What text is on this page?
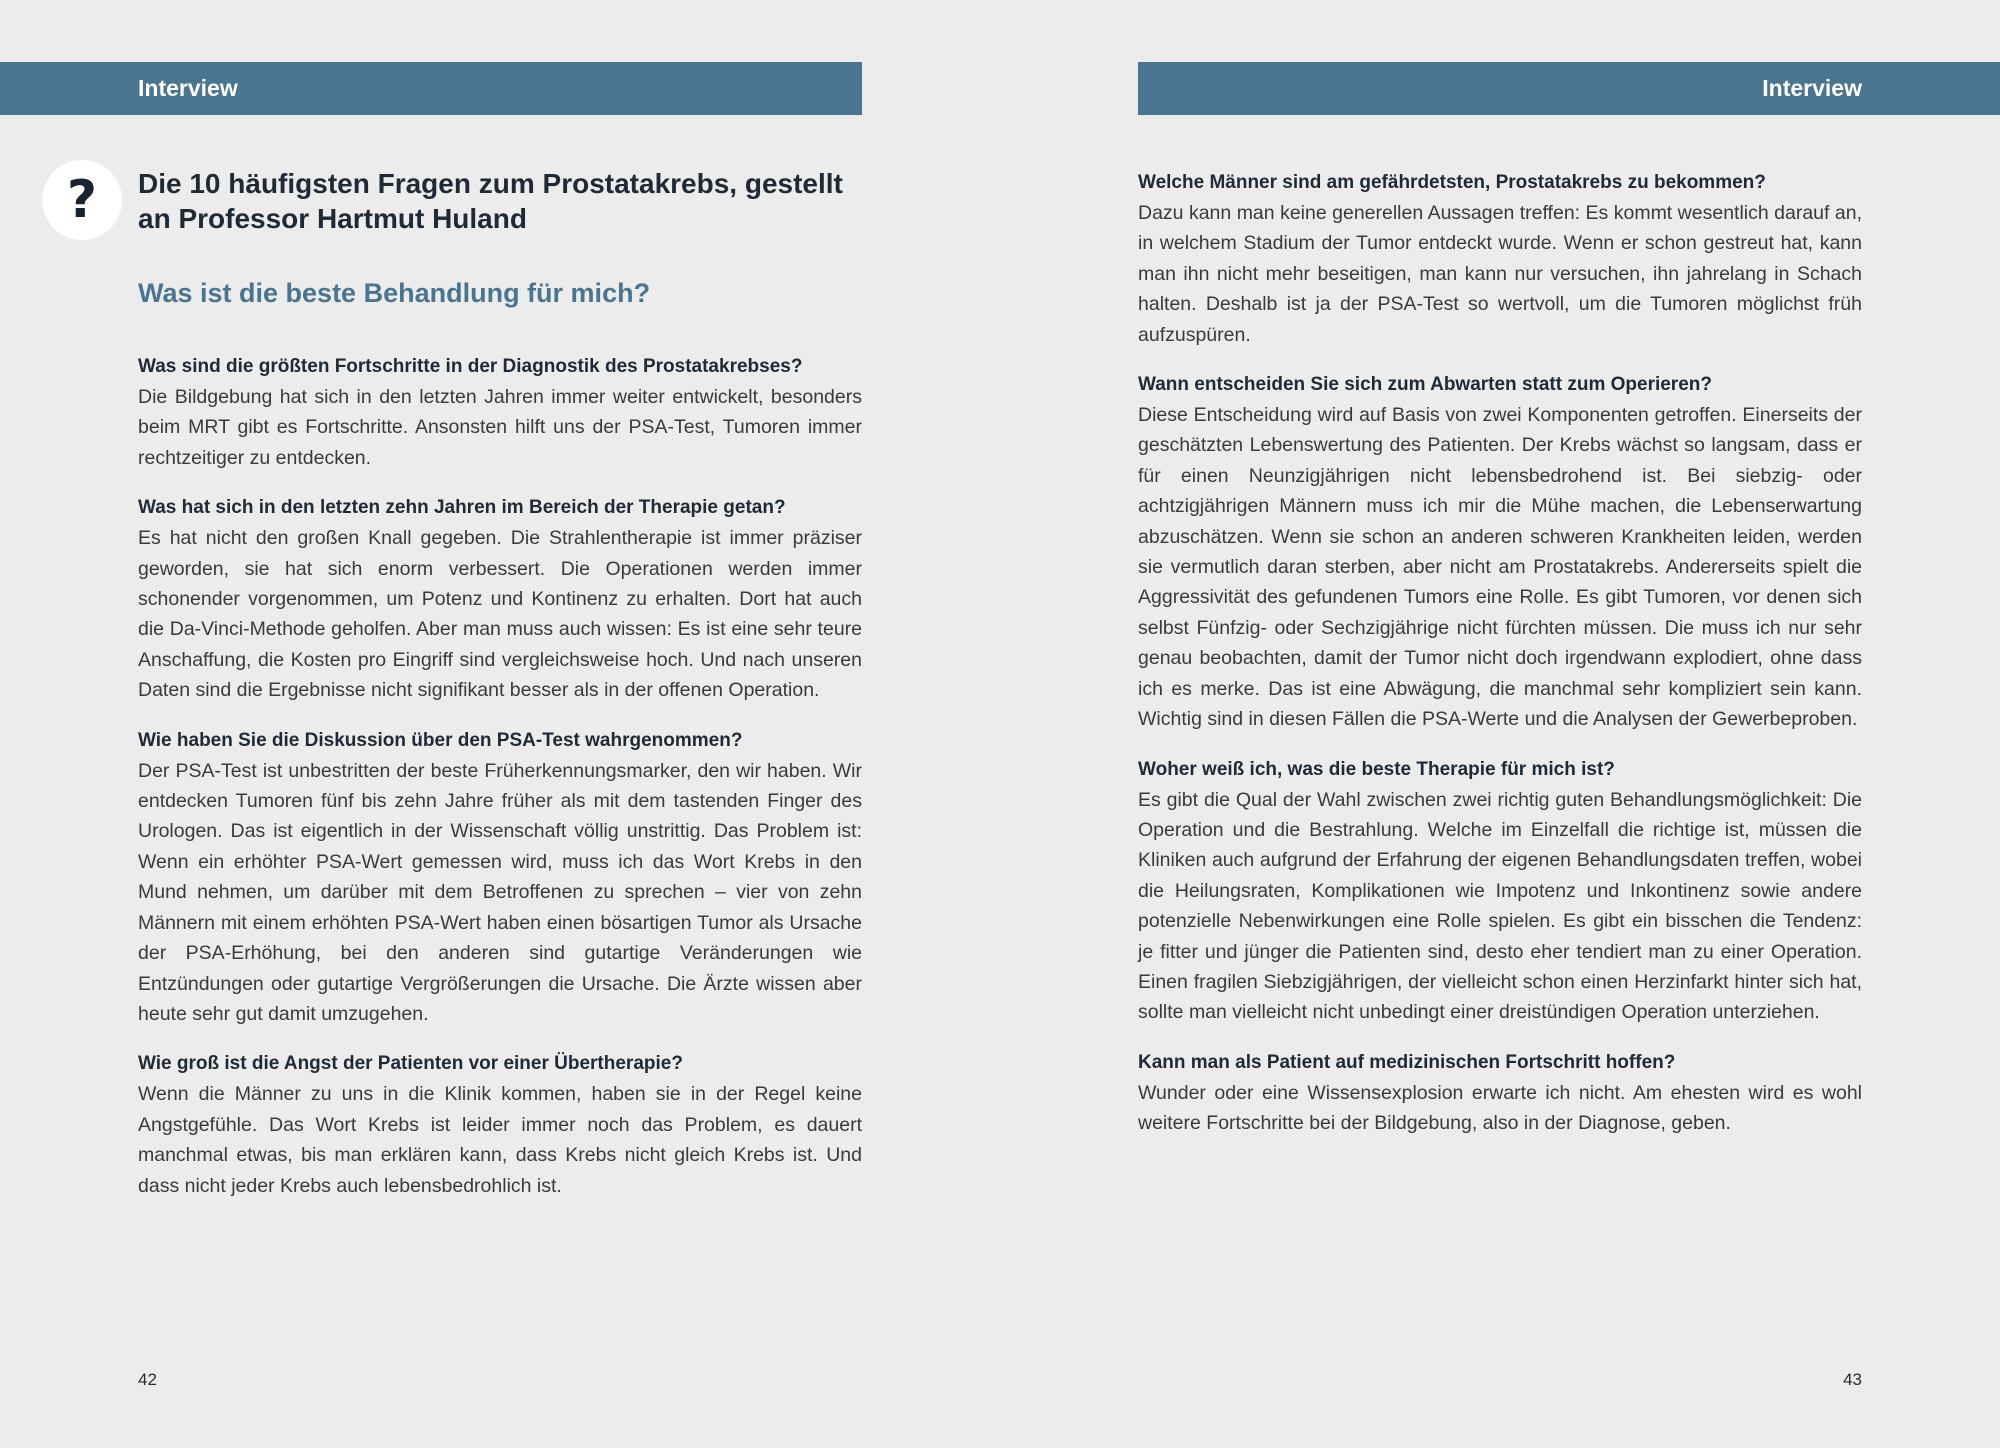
Interview
? Die 10 häufigsten Fragen zum Prostatakrebs, gestellt an Professor Hartmut Huland
Was ist die beste Behandlung für mich?

Was sind die größten Fortschritte in der Diagnostik des Prostatakrebses?

Die Bildgebung hat sich in den letzten Jahren immer weiter entwickelt, besonders beim MRT gibt es Fortschritte. Ansonsten hilft uns der PSA-Test, Tumoren immer rechtzeitiger zu entdecken.

Was hat sich in den letzten zehn Jahren im Bereich der Therapie getan?

Es hat nicht den großen Knall gegeben. Die Strahlentherapie ist immer präziser geworden, sie hat sich enorm verbessert. Die Operationen werden immer schonender vorgenommen, um Potenz und Kontinenz zu erhalten. Dort hat auch die Da-Vinci-Methode geholfen. Aber man muss auch wissen: Es ist eine sehr teure Anschaffung, die Kosten pro Eingriff sind vergleichsweise hoch. Und nach unseren Daten sind die Ergebnisse nicht signifikant besser als in der offenen Operation.

Wie haben Sie die Diskussion über den PSA-Test wahrgenommen?

Der PSA-Test ist unbestritten der beste Früherkennungsmarker, den wir haben. Wir entdecken Tumoren fünf bis zehn Jahre früher als mit dem tastenden Finger des Urologen. Das ist eigentlich in der Wissenschaft völlig unstrittig. Das Problem ist: Wenn ein erhöhter PSA-Wert gemessen wird, muss ich das Wort Krebs in den Mund nehmen, um darüber mit dem Betroffenen zu sprechen – vier von zehn Männern mit einem erhöhten PSA-Wert haben einen bösartigen Tumor als Ursache der PSA-Erhöhung, bei den anderen sind gutartige Veränderungen wie Entzündungen oder gutartige Vergrößerungen die Ursache. Die Ärzte wissen aber heute sehr gut damit umzugehen.

Wie groß ist die Angst der Patienten vor einer Übertherapie?

Wenn die Männer zu uns in die Klinik kommen, haben sie in der Regel keine Angstgefühle. Das Wort Krebs ist leider immer noch das Problem, es dauert manchmal etwas, bis man erklären kann, dass Krebs nicht gleich Krebs ist. Und dass nicht jeder Krebs auch lebensbedrohlich ist.

42
Interview

Welche Männer sind am gefährdetsten, Prostatakrebs zu bekommen?

Dazu kann man keine generellen Aussagen treffen: Es kommt wesentlich darauf an, in welchem Stadium der Tumor entdeckt wurde. Wenn er schon gestreut hat, kann man ihn nicht mehr beseitigen, man kann nur versuchen, ihn jahrelang in Schach halten. Deshalb ist ja der PSA-Test so wertvoll, um die Tumoren möglichst früh aufzuspüren.

Wann entscheiden Sie sich zum Abwarten statt zum Operieren?

Diese Entscheidung wird auf Basis von zwei Komponenten getroffen. Einerseits der geschätzten Lebenswertung des Patienten. Der Krebs wächst so langsam, dass er für einen Neunzigjährigen nicht lebensbedrohend ist. Bei siebzig- oder achtzigjährigen Männern muss ich mir die Mühe machen, die Lebenserwartung abzuschätzen. Wenn sie schon an anderen schweren Krankheiten leiden, werden sie vermutlich daran sterben, aber nicht am Prostatakrebs. Andererseits spielt die Aggressivität des gefundenen Tumors eine Rolle. Es gibt Tumoren, vor denen sich selbst Fünfzig- oder Sechzigjährige nicht fürchten müssen. Die muss ich nur sehr genau beobachten, damit der Tumor nicht doch irgendwann explodiert, ohne dass ich es merke. Das ist eine Abwägung, die manchmal sehr kompliziert sein kann. Wichtig sind in diesen Fällen die PSA-Werte und die Analysen der Gewerbeproben.

Woher weiß ich, was die beste Therapie für mich ist?

Es gibt die Qual der Wahl zwischen zwei richtig guten Behandlungsmöglichkeit: Die Operation und die Bestrahlung. Welche im Einzelfall die richtige ist, müssen die Kliniken auch aufgrund der Erfahrung der eigenen Behandlungsdaten treffen, wobei die Heilungsraten, Komplikationen wie Impotenz und Inkontinenz sowie andere potenzielle Nebenwirkungen eine Rolle spielen. Es gibt ein bisschen die Tendenz: je fitter und jünger die Patienten sind, desto eher tendiert man zu einer Operation. Einen fragilen Siebzigjährigen, der vielleicht schon einen Herzinfarkt hinter sich hat, sollte man vielleicht nicht unbedingt einer dreistündigen Operation unterziehen.

Kann man als Patient auf medizinischen Fortschritt hoffen?

Wunder oder eine Wissensexplosion erwarte ich nicht. Am ehesten wird es wohl weitere Fortschritte bei der Bildgebung, also in der Diagnose, geben.

43
